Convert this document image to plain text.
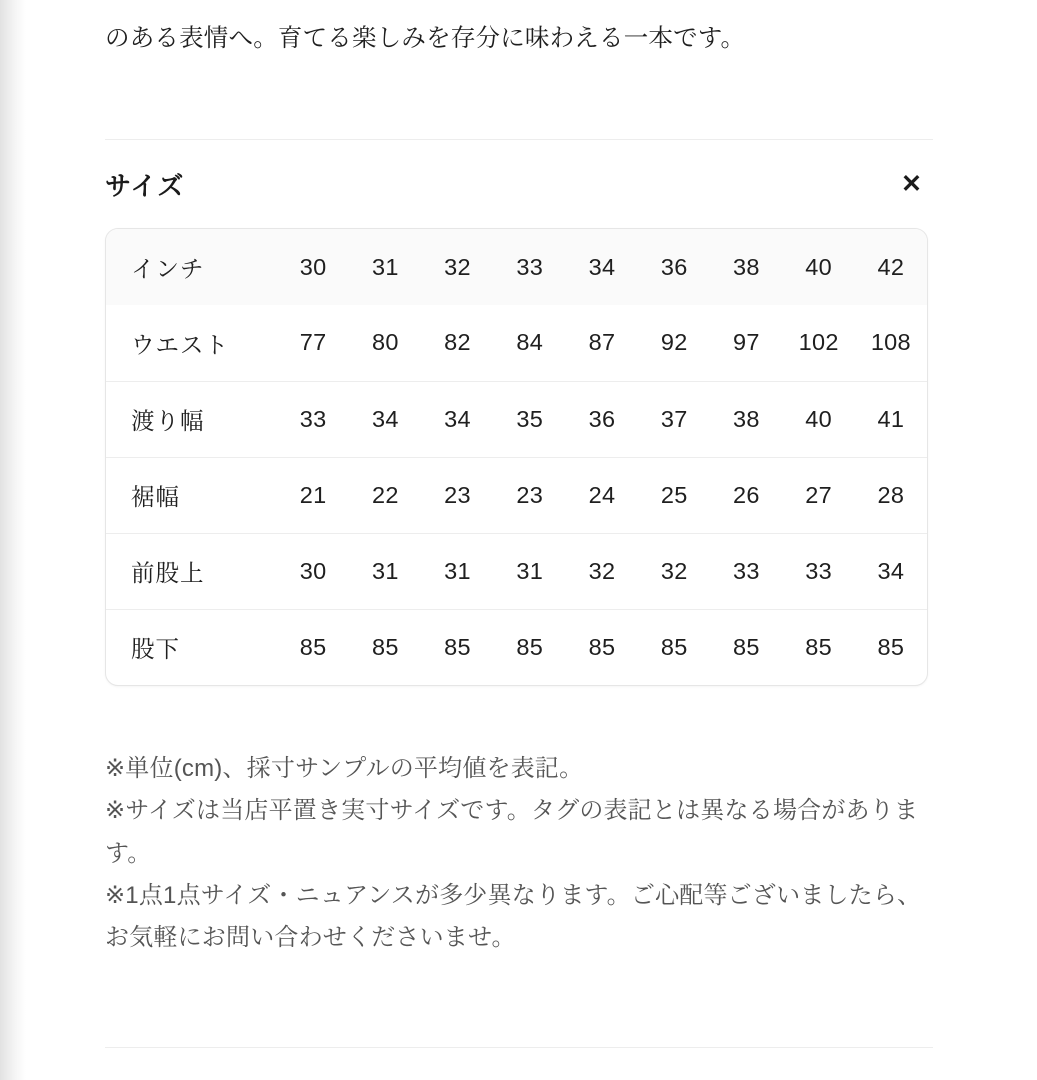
のある表情へ。育てる楽しみを存分に味わえる一本です。

サイズ	✕
インチ	30	31	32	33	34	36	38	40	42
ウエスト	77	80	82	84	87	92	97	102	108
渡り幅	33	34	34	35	36	37	38	40	41
裾幅	21	22	23	23	24	25	26	27	28
前股上	30	31	31	31	32	32	33	33	34
股下	85	85	85	85	85	85	85	85	85

※単位(cm)、採寸サンプルの平均値を表記。

※サイズは当店平置き実寸サイズです。タグの表記とは異なる場合があります。

※1点1点サイズ・ニュアンスが多少異なります。ご心配等ございましたら、お気軽にお問い合わせくださいませ。
